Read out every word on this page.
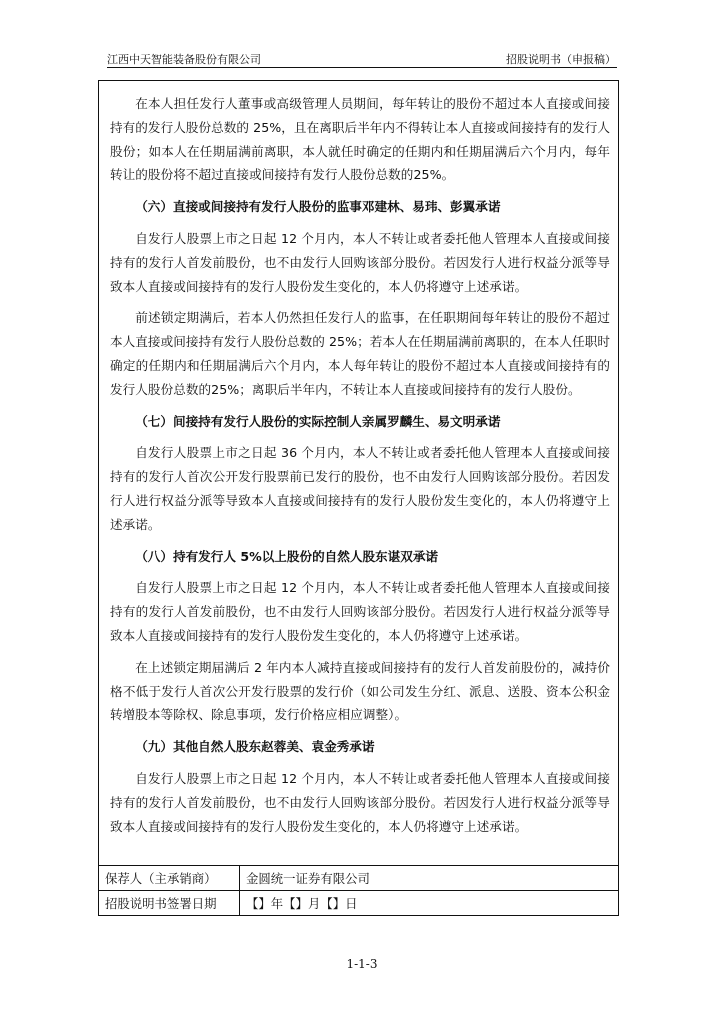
江西中天智能装备股份有限公司	招股说明书（申报稿）

在本人担任发行人董事或高级管理人员期间，每年转让的股份不超过本人直接或间接持有的发行人股份总数的 25%，且在离职后半年内不得转让本人直接或间接持有的发行人股份；如本人在任期届满前离职，本人就任时确定的任期内和任期届满后六个月内，每年转让的股份将不超过直接或间接持有发行人股份总数的25%。

（六）直接或间接持有发行人股份的监事邓建林、易玮、彭翼承诺

自发行人股票上市之日起 12 个月内，本人不转让或者委托他人管理本人直接或间接持有的发行人首发前股份，也不由发行人回购该部分股份。若因发行人进行权益分派等导致本人直接或间接持有的发行人股份发生变化的，本人仍将遵守上述承诺。

前述锁定期满后，若本人仍然担任发行人的监事，在任职期间每年转让的股份不超过本人直接或间接持有发行人股份总数的 25%；若本人在任期届满前离职的，在本人任职时确定的任期内和任期届满后六个月内，本人每年转让的股份不超过本人直接或间接持有的发行人股份总数的25%；离职后半年内，不转让本人直接或间接持有的发行人股份。

（七）间接持有发行人股份的实际控制人亲属罗麟生、易文明承诺

自发行人股票上市之日起 36 个月内，本人不转让或者委托他人管理本人直接或间接持有的发行人首次公开发行股票前已发行的股份，也不由发行人回购该部分股份。若因发行人进行权益分派等导致本人直接或间接持有的发行人股份发生变化的，本人仍将遵守上述承诺。

（八）持有发行人 5%以上股份的自然人股东谌双承诺

自发行人股票上市之日起 12 个月内，本人不转让或者委托他人管理本人直接或间接持有的发行人首发前股份，也不由发行人回购该部分股份。若因发行人进行权益分派等导致本人直接或间接持有的发行人股份发生变化的，本人仍将遵守上述承诺。

在上述锁定期届满后 2 年内本人减持直接或间接持有的发行人首发前股份的，减持价格不低于发行人首次公开发行股票的发行价（如公司发生分红、派息、送股、资本公积金转增股本等除权、除息事项，发行价格应相应调整）。

（九）其他自然人股东赵蓉美、袁金秀承诺

自发行人股票上市之日起 12 个月内，本人不转让或者委托他人管理本人直接或间接持有的发行人首发前股份，也不由发行人回购该部分股份。若因发行人进行权益分派等导致本人直接或间接持有的发行人股份发生变化的，本人仍将遵守上述承诺。

保荐人（主承销商）	金圆统一证券有限公司
招股说明书签署日期	【】年【】月【】日
1-1-3
